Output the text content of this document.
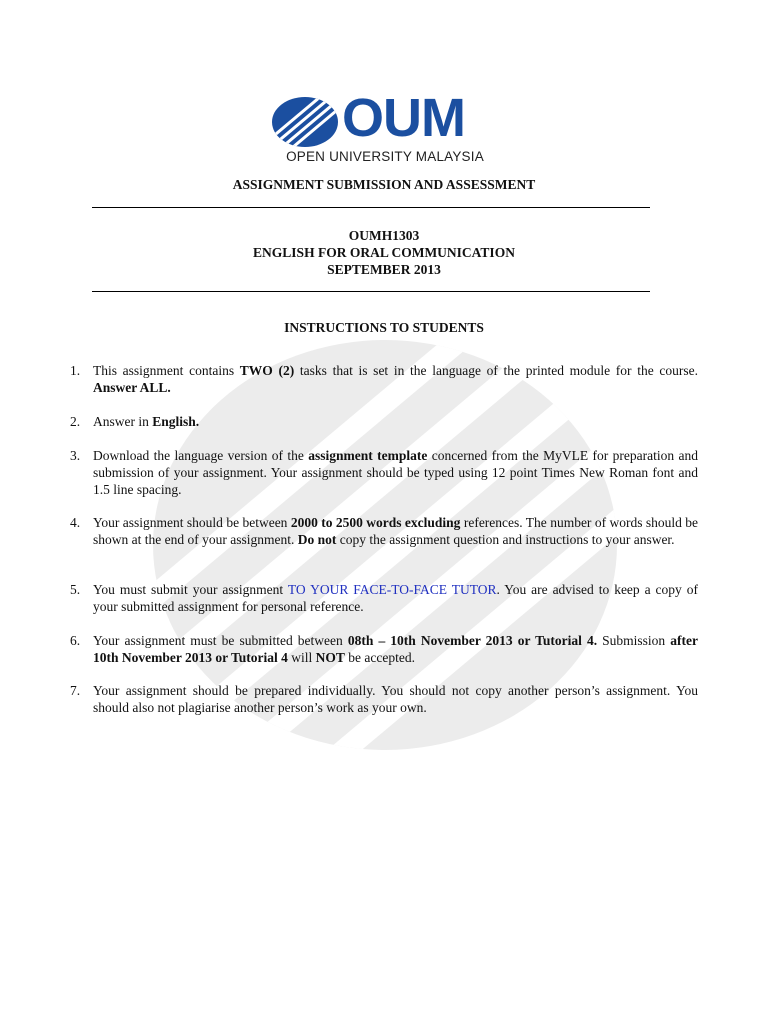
OUM
OPEN UNIVERSITY MALAYSIA
ASSIGNMENT SUBMISSION AND ASSESSMENT
OUMH1303
ENGLISH FOR ORAL COMMUNICATION
SEPTEMBER 2013
INSTRUCTIONS TO STUDENTS
1. This assignment contains TWO (2) tasks that is set in the language of the printed module for the course. Answer ALL.
2. Answer in English.
3. Download the language version of the assignment template concerned from the MyVLE for preparation and submission of your assignment. Your assignment should be typed using 12 point Times New Roman font and 1.5 line spacing.
4. Your assignment should be between 2000 to 2500 words excluding references. The number of words should be shown at the end of your assignment. Do not copy the assignment question and instructions to your answer.
5. You must submit your assignment TO YOUR FACE-TO-FACE TUTOR. You are advised to keep a copy of your submitted assignment for personal reference.
6. Your assignment must be submitted between 08th – 10th November 2013 or Tutorial 4. Submission after 10th November 2013 or Tutorial 4 will NOT be accepted.
7. Your assignment should be prepared individually. You should not copy another person’s assignment. You should also not plagiarise another person’s work as your own.
